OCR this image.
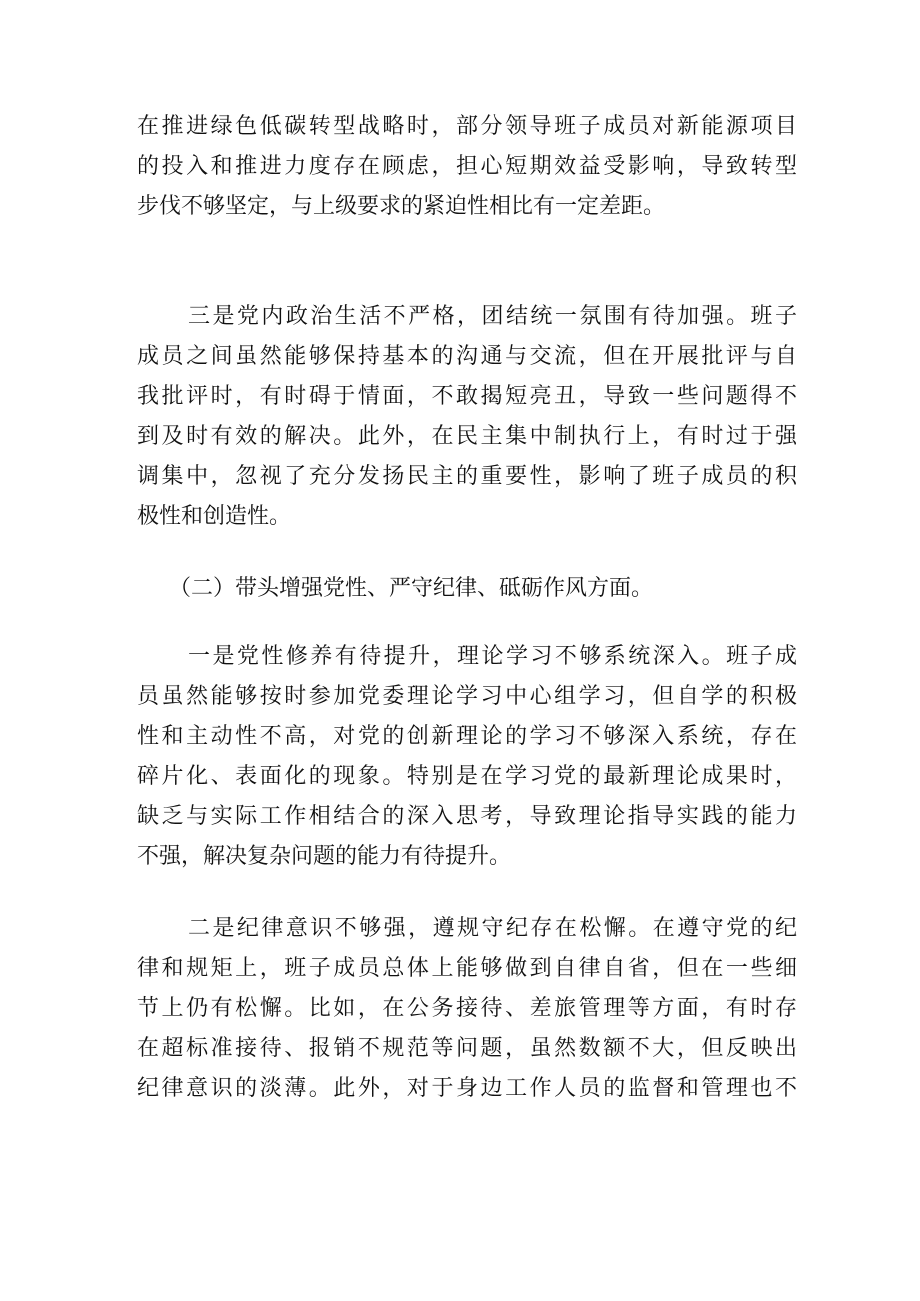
在推进绿色低碳转型战略时，部分领导班子成员对新能源项目
的投入和推进力度存在顾虑，担心短期效益受影响，导致转型
步伐不够坚定，与上级要求的紧迫性相比有一定差距。
三是党内政治生活不严格，团结统一氛围有待加强。班子
成员之间虽然能够保持基本的沟通与交流，但在开展批评与自
我批评时，有时碍于情面，不敢揭短亮丑，导致一些问题得不
到及时有效的解决。此外，在民主集中制执行上，有时过于强
调集中，忽视了充分发扬民主的重要性，影响了班子成员的积
极性和创造性。
（二）带头增强党性、严守纪律、砥砺作风方面。
一是党性修养有待提升，理论学习不够系统深入。班子成
员虽然能够按时参加党委理论学习中心组学习，但自学的积极
性和主动性不高，对党的创新理论的学习不够深入系统，存在
碎片化、表面化的现象。特别是在学习党的最新理论成果时，
缺乏与实际工作相结合的深入思考，导致理论指导实践的能力
不强，解决复杂问题的能力有待提升。
二是纪律意识不够强，遵规守纪存在松懈。在遵守党的纪
律和规矩上，班子成员总体上能够做到自律自省，但在一些细
节上仍有松懈。比如，在公务接待、差旅管理等方面，有时存
在超标准接待、报销不规范等问题，虽然数额不大，但反映出
纪律意识的淡薄。此外，对于身边工作人员的监督和管理也不
